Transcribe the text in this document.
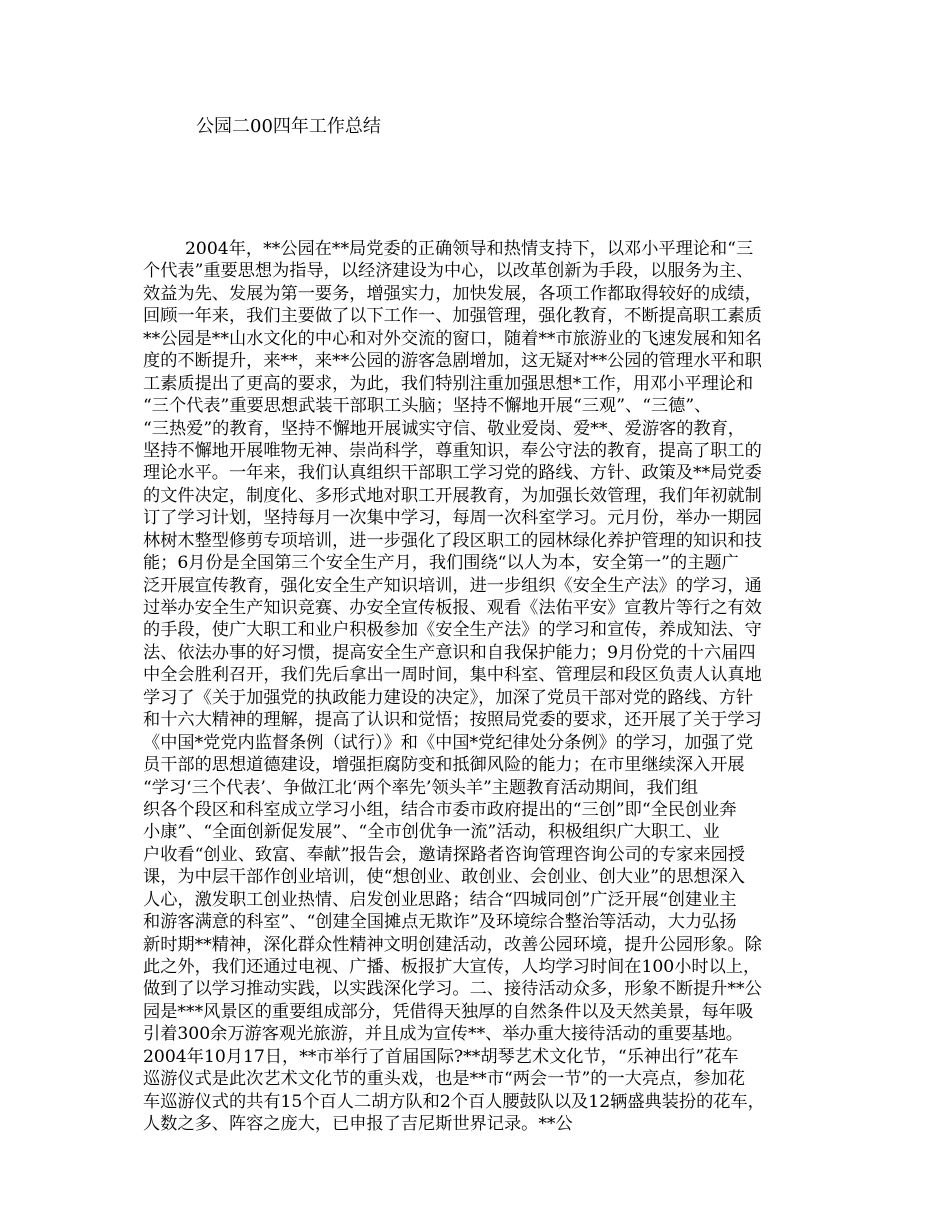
公园二00四年工作总结
2004年，**公园在**局党委的正确领导和热情支持下，以邓小平理论和“三
个代表”重要思想为指导，以经济建设为中心，以改革创新为手段，以服务为主、
效益为先、发展为第一要务，增强实力，加快发展，各项工作都取得较好的成绩，
回顾一年来，我们主要做了以下工作一、加强管理，强化教育，不断提高职工素质
**公园是**山水文化的中心和对外交流的窗口，随着**市旅游业的飞速发展和知名
度的不断提升，来**，来**公园的游客急剧增加，这无疑对**公园的管理水平和职
工素质提出了更高的要求，为此，我们特别注重加强思想*工作，用邓小平理论和
“三个代表”重要思想武装干部职工头脑；坚持不懈地开展“三观”、“三德”、
“三热爱”的教育，坚持不懈地开展诚实守信、敬业爱岗、爱**、爱游客的教育，
坚持不懈地开展唯物无神、崇尚科学，尊重知识，奉公守法的教育，提高了职工的
理论水平。一年来，我们认真组织干部职工学习党的路线、方针、政策及**局党委
的文件决定，制度化、多形式地对职工开展教育，为加强长效管理，我们年初就制
订了学习计划，坚持每月一次集中学习，每周一次科室学习。元月份，举办一期园
林树木整型修剪专项培训，进一步强化了段区职工的园林绿化养护管理的知识和技
能；6月份是全国第三个安全生产月，我们围绕“以人为本，安全第一”的主题广
泛开展宣传教育，强化安全生产知识培训，进一步组织《安全生产法》的学习，通
过举办安全生产知识竞赛、办安全宣传板报、观看《法佑平安》宣教片等行之有效
的手段，使广大职工和业户积极参加《安全生产法》的学习和宣传，养成知法、守
法、依法办事的好习惯，提高安全生产意识和自我保护能力；9月份党的十六届四
中全会胜利召开，我们先后拿出一周时间，集中科室、管理层和段区负责人认真地
学习了《关于加强党的执政能力建设的决定》，加深了党员干部对党的路线、方针
和十六大精神的理解，提高了认识和觉悟；按照局党委的要求，还开展了关于学习
《中国*党党内监督条例（试行）》和《中国*党纪律处分条例》的学习，加强了党
员干部的思想道德建设，增强拒腐防变和抵御风险的能力；在市里继续深入开展
“学习‘三个代表’、争做江北‘两个率先’领头羊”主题教育活动期间，我们组
织各个段区和科室成立学习小组，结合市委市政府提出的“三创”即“全民创业奔
小康”、“全面创新促发展”、“全市创优争一流”活动，积极组织广大职工、业
户收看“创业、致富、奉献”报告会，邀请探路者咨询管理咨询公司的专家来园授
课，为中层干部作创业培训，使“想创业、敢创业、会创业、创大业”的思想深入
人心，激发职工创业热情、启发创业思路；结合“四城同创”广泛开展“创建业主
和游客满意的科室”、“创建全国摊点无欺诈”及环境综合整治等活动，大力弘扬
新时期**精神，深化群众性精神文明创建活动，改善公园环境，提升公园形象。除
此之外，我们还通过电视、广播、板报扩大宣传，人均学习时间在100小时以上，
做到了以学习推动实践，以实践深化学习。二、接待活动众多，形象不断提升**公
园是***风景区的重要组成部分，凭借得天独厚的自然条件以及天然美景，每年吸
引着300余万游客观光旅游，并且成为宣传**、举办重大接待活动的重要基地。
2004年10月17日，**市举行了首届国际?**胡琴艺术文化节，“乐神出行”花车
巡游仪式是此次艺术文化节的重头戏，也是**市“两会一节”的一大亮点，参加花
车巡游仪式的共有15个百人二胡方队和2个百人腰鼓队以及12辆盛典装扮的花车，
人数之多、阵容之庞大，已申报了吉尼斯世界记录。**公
